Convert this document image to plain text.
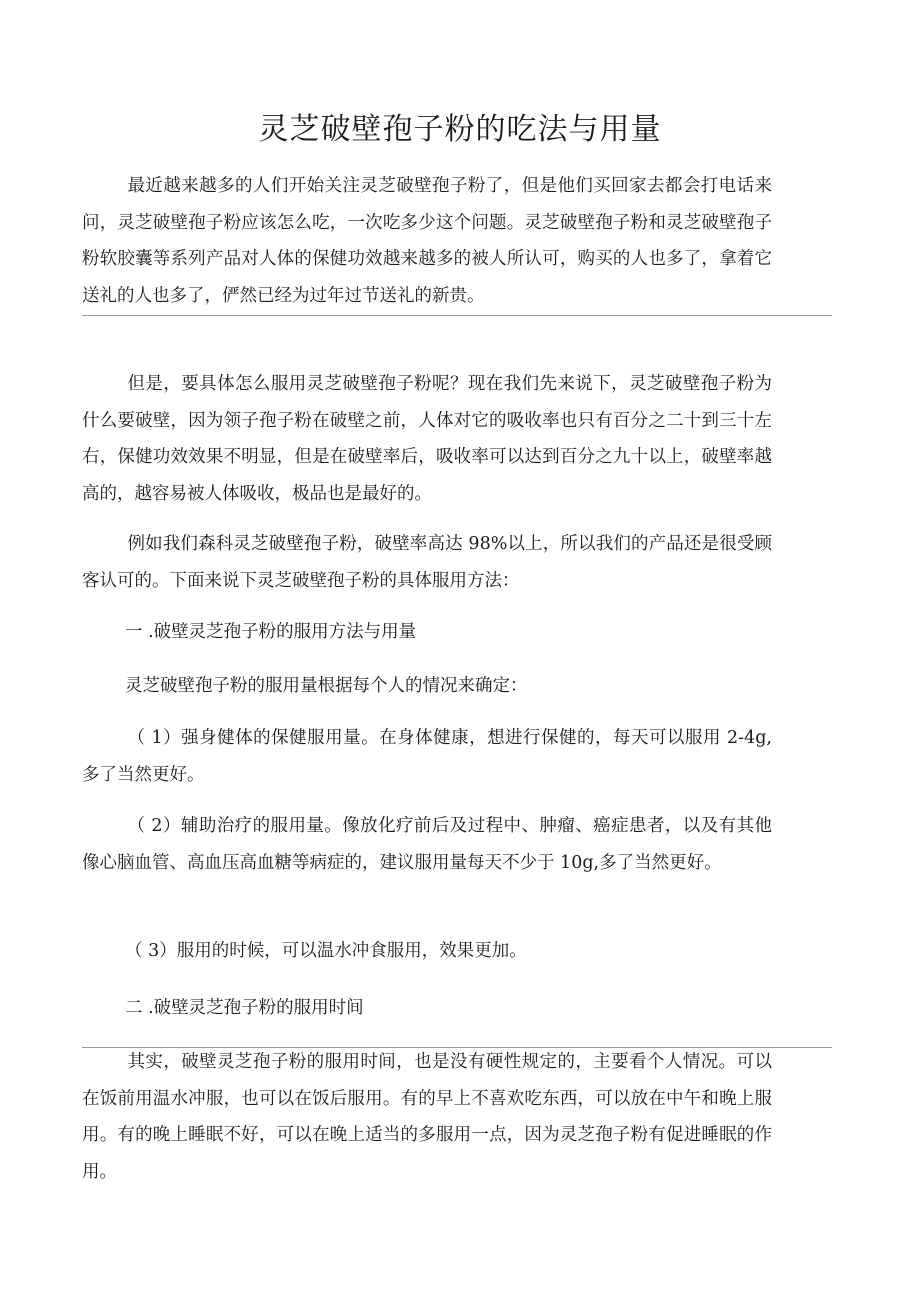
灵芝破壁孢子粉的吃法与用量

最近越来越多的人们开始关注灵芝破壁孢子粉了，但是他们买回家去都会打电话来问，灵芝破壁孢子粉应该怎么吃，一次吃多少这个问题。灵芝破壁孢子粉和灵芝破壁孢子粉软胶囊等系列产品对人体的保健功效越来越多的被人所认可，购买的人也多了，拿着它送礼的人也多了，俨然已经为过年过节送礼的新贵。

但是，要具体怎么服用灵芝破壁孢子粉呢？现在我们先来说下，灵芝破壁孢子粉为什么要破壁，因为领子孢子粉在破壁之前，人体对它的吸收率也只有百分之二十到三十左右，保健功效效果不明显，但是在破壁率后，吸收率可以达到百分之九十以上，破壁率越高的，越容易被人体吸收，极品也是最好的。

例如我们森科灵芝破壁孢子粉，破壁率高达 98%以上，所以我们的产品还是很受顾客认可的。下面来说下灵芝破壁孢子粉的具体服用方法：

一 .破壁灵芝孢子粉的服用方法与用量

灵芝破壁孢子粉的服用量根据每个人的情况来确定：

（ 1）强身健体的保健服用量。在身体健康，想进行保健的，每天可以服用 2-4g,多了当然更好。

（ 2）辅助治疗的服用量。像放化疗前后及过程中、肿瘤、癌症患者，以及有其他像心脑血管、高血压高血糖等病症的，建议服用量每天不少于 10g,多了当然更好。

（ 3）服用的时候，可以温水冲食服用，效果更加。

二 .破壁灵芝孢子粉的服用时间

其实，破壁灵芝孢子粉的服用时间，也是没有硬性规定的，主要看个人情况。可以在饭前用温水冲服，也可以在饭后服用。有的早上不喜欢吃东西，可以放在中午和晚上服用。有的晚上睡眠不好，可以在晚上适当的多服用一点，因为灵芝孢子粉有促进睡眠的作用。
